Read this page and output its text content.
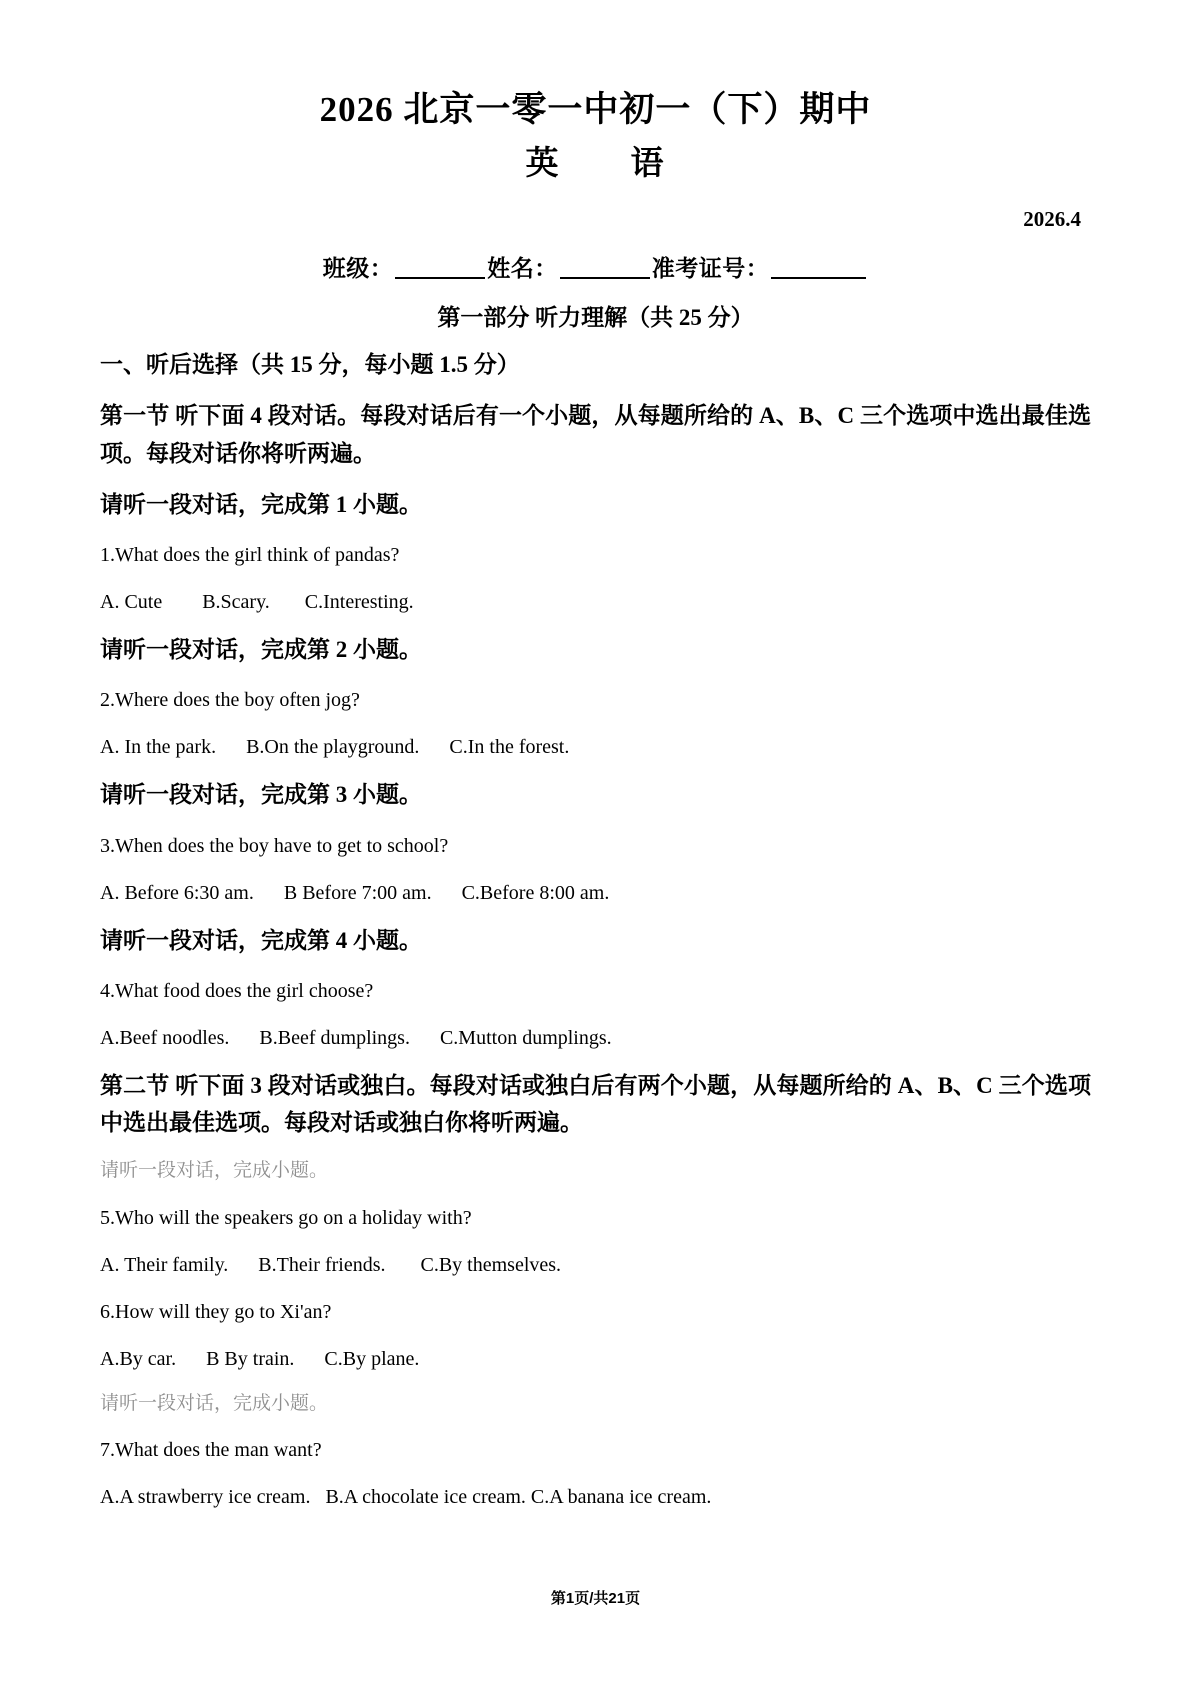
2026 北京一零一中初一（下）期中
英　　语
2026.4
班级：	姓名：	准考证号：
第一部分 听力理解（共 25 分）
一、听后选择（共 15 分，每小题 1.5 分）
第一节 听下面 4 段对话。每段对话后有一个小题，从每题所给的 A、B、C 三个选项中选出最佳选项。每段对话你将听两遍。
请听一段对话，完成第 1 小题。
1.What does the girl think of pandas?
A. Cute        B.Scary.       C.Interesting.
请听一段对话，完成第 2 小题。
2.Where does the boy often jog?
A. In the park.      B.On the playground.      C.In the forest.
请听一段对话，完成第 3 小题。
3.When does the boy have to get to school?
A. Before 6:30 am.      B Before 7:00 am.      C.Before 8:00 am.
请听一段对话，完成第 4 小题。
4.What food does the girl choose?
A.Beef noodles.      B.Beef dumplings.      C.Mutton dumplings.
第二节 听下面 3 段对话或独白。每段对话或独白后有两个小题，从每题所给的 A、B、C 三个选项中选出最佳选项。每段对话或独白你将听两遍。
请听一段对话，完成小题。
5.Who will the speakers go on a holiday with?
A. Their family.      B.Their friends.       C.By themselves.
6.How will they go to Xi'an?
A.By car.      B By train.      C.By plane.
请听一段对话，完成小题。
7.What does the man want?
A.A strawberry ice cream.   B.A chocolate ice cream. C.A banana ice cream.
第1页/共21页
